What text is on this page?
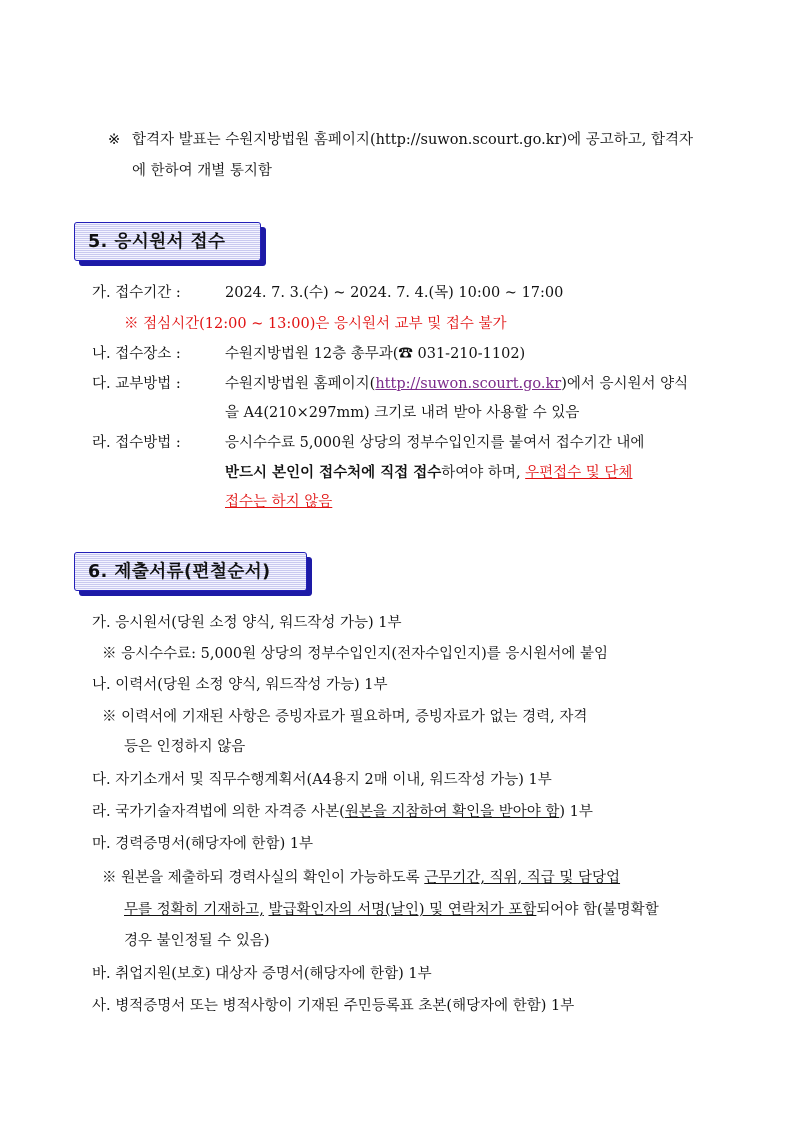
※ 합격자 발표는 수원지방법원 홈페이지(http://suwon.scourt.go.kr)에 공고하고, 합격자
에 한하여 개별 통지함
5. 응시원서 접수
가. 접수기간 :	2024. 7. 3.(수) ~ 2024. 7. 4.(목) 10:00 ~ 17:00
※ 점심시간(12:00 ~ 13:00)은 응시원서 교부 및 접수 불가
나. 접수장소 :	수원지방법원 12층 총무과(☎ 031-210-1102)
다. 교부방법 :	수원지방법원 홈페이지(http://suwon.scourt.go.kr)에서 응시원서 양식
을 A4(210×297mm) 크기로 내려 받아 사용할 수 있음
라. 접수방법 :	응시수수료 5,000원 상당의 정부수입인지를 붙여서 접수기간 내에
반드시 본인이 접수처에 직접 접수하여야 하며, 우편접수 및 단체
접수는 하지 않음
6. 제출서류(편철순서)
가. 응시원서(당원 소정 양식, 워드작성 가능) 1부
※ 응시수수료: 5,000원 상당의 정부수입인지(전자수입인지)를 응시원서에 붙임
나. 이력서(당원 소정 양식, 워드작성 가능) 1부
※ 이력서에 기재된 사항은 증빙자료가 필요하며, 증빙자료가 없는 경력, 자격
등은 인정하지 않음
다. 자기소개서 및 직무수행계획서(A4용지 2매 이내, 워드작성 가능) 1부
라. 국가기술자격법에 의한 자격증 사본(원본을 지참하여 확인을 받아야 함) 1부
마. 경력증명서(해당자에 한함) 1부
※ 원본을 제출하되 경력사실의 확인이 가능하도록 근무기간, 직위, 직급 및 담당업
무를 정확히 기재하고, 발급확인자의 서명(날인) 및 연락처가 포함되어야 함(불명확할
경우 불인정될 수 있음)
바. 취업지원(보호) 대상자 증명서(해당자에 한함) 1부
사. 병적증명서 또는 병적사항이 기재된 주민등록표 초본(해당자에 한함) 1부
